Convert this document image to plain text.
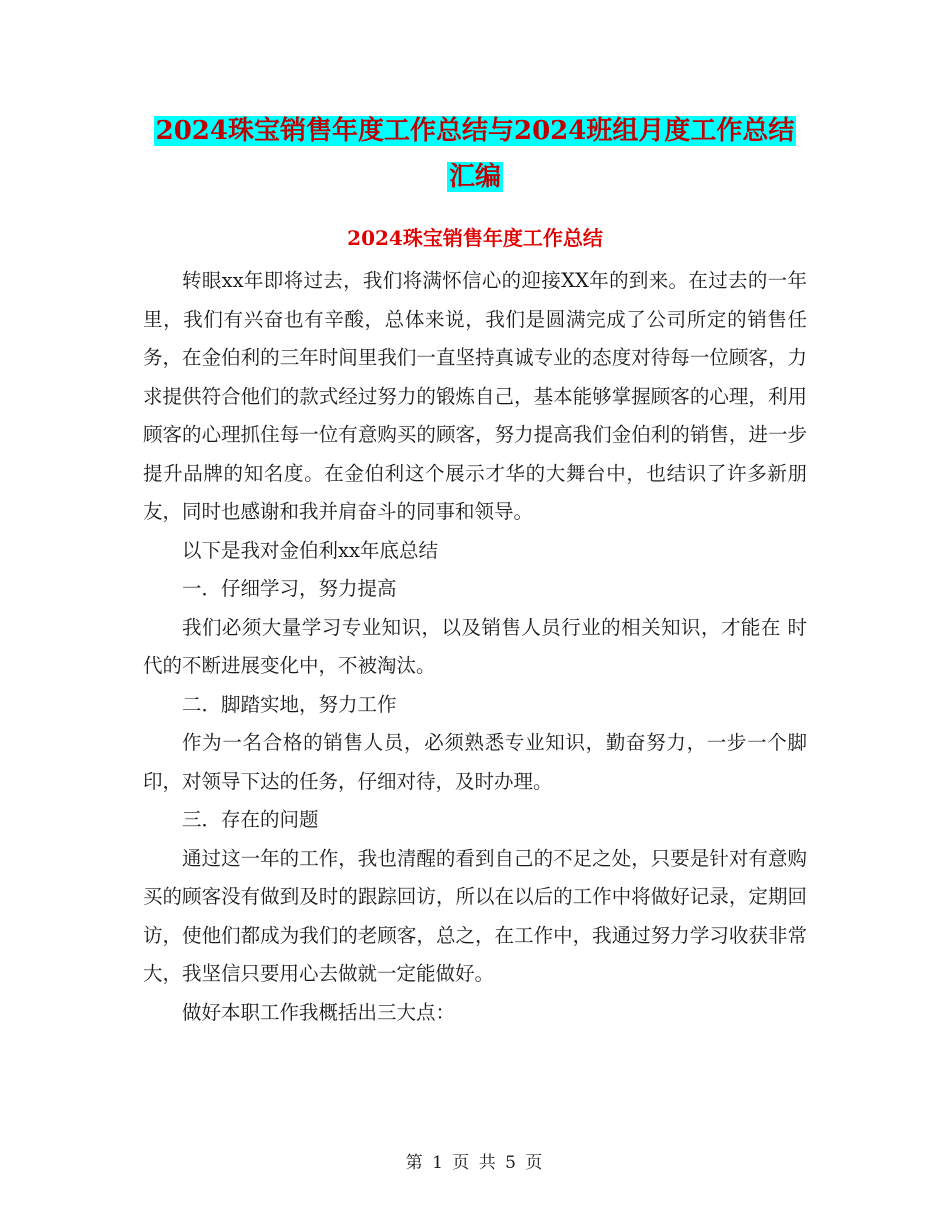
2024珠宝销售年度工作总结与2024班组月度工作总结
汇编
2024珠宝销售年度工作总结

转眼xx年即将过去，我们将满怀信心的迎接XX年的到来。在过去的一年里，我们有兴奋也有辛酸，总体来说，我们是圆满完成了公司所定的销售任务，在金伯利的三年时间里我们一直坚持真诚专业的态度对待每一位顾客，力求提供符合他们的款式经过努力的锻炼自己，基本能够掌握顾客的心理，利用顾客的心理抓住每一位有意购买的顾客，努力提高我们金伯利的销售，进一步提升品牌的知名度。在金伯利这个展示才华的大舞台中，也结识了许多新朋友，同时也感谢和我并肩奋斗的同事和领导。

以下是我对金伯利xx年底总结

一．仔细学习，努力提高

我们必须大量学习专业知识，以及销售人员行业的相关知识，才能在 时代的不断进展变化中，不被淘汰。

二．脚踏实地，努力工作

作为一名合格的销售人员，必须熟悉专业知识，勤奋努力，一步一个脚印，对领导下达的任务，仔细对待，及时办理。

三．存在的问题

通过这一年的工作，我也清醒的看到自己的不足之处，只要是针对有意购买的顾客没有做到及时的跟踪回访，所以在以后的工作中将做好记录，定期回访，使他们都成为我们的老顾客，总之，在工作中，我通过努力学习收获非常大，我坚信只要用心去做就一定能做好。

做好本职工作我概括出三大点：

第 1 页 共 5 页
